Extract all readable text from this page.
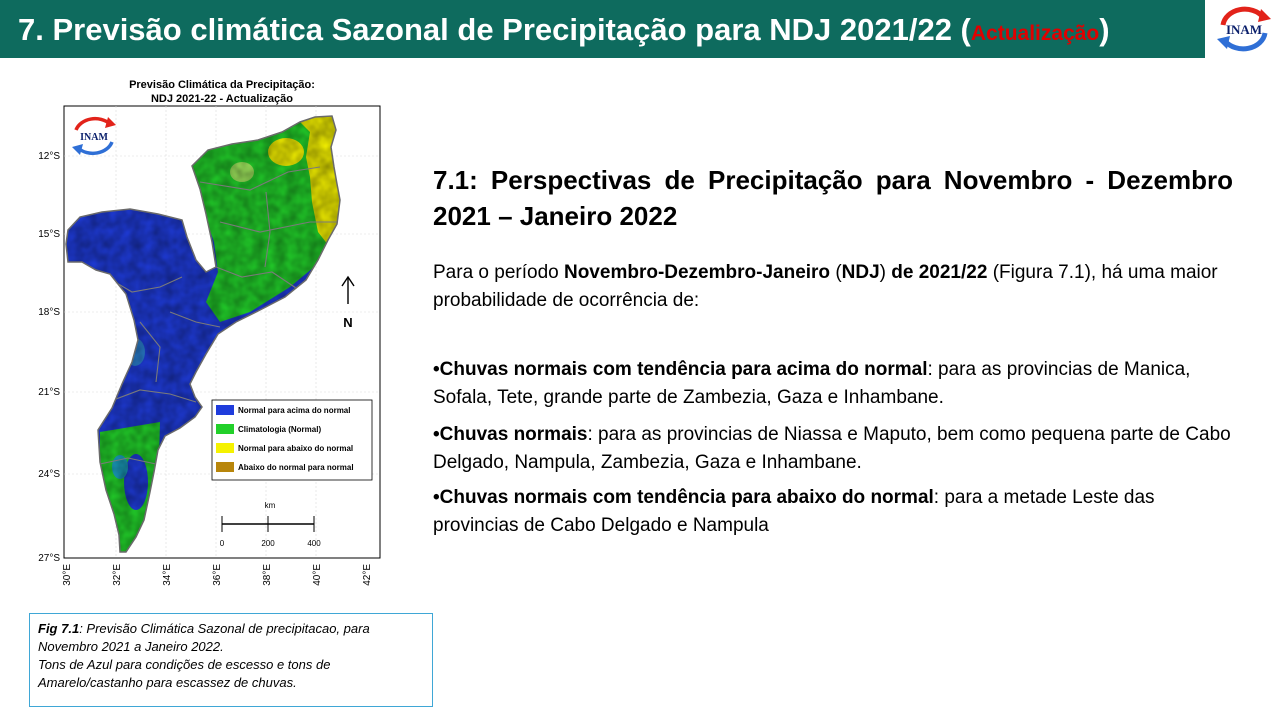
7. Previsão climática Sazonal de Precipitação para NDJ 2021/22 (Actualização)	INAM
Previsão Climática da Precipitação:
NDJ 2021-22 - Actualização
INAM
N
Normal para acima do normal
Climatologia (Normal)
Normal para abaixo do normal
Abaixo do normal para normal
km
0	200	400
12°S
15°S
18°S
21°S
24°S
27°S
30°E	32°E	34°E	36°E	38°E	40°E	42°E
Fig 7.1: Previsão Climática Sazonal de precipitacao, para Novembro 2021 a Janeiro 2022.
Tons de Azul para condições de escesso e tons de Amarelo/castanho para escassez de chuvas.
7.1: Perspectivas de Precipitação para Novembro - Dezembro 2021 – Janeiro 2022
Para o período Novembro-Dezembro-Janeiro (NDJ) de 2021/22 (Figura 7.1), há uma maior probabilidade de ocorrência de:
•Chuvas normais com tendência para acima do normal: para as provincias de Manica, Sofala, Tete, grande parte de Zambezia, Gaza e Inhambane.
•Chuvas normais: para as provincias de Niassa e Maputo, bem como pequena parte de Cabo Delgado, Nampula, Zambezia, Gaza e Inhambane.
•Chuvas normais com tendência para abaixo do normal: para a metade Leste das provincias de Cabo Delgado e Nampula
